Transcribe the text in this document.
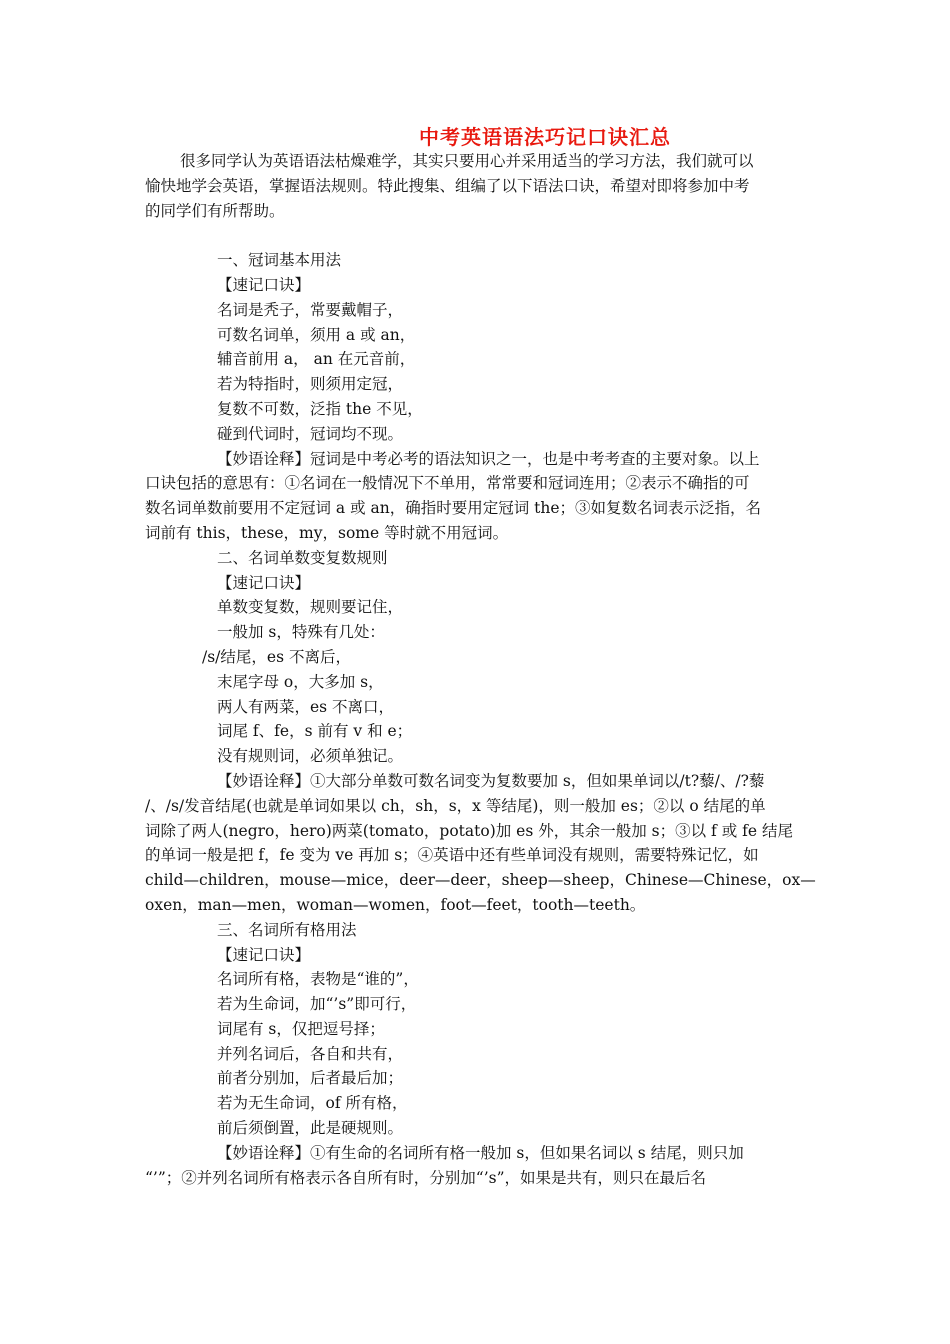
中考英语语法巧记口诀汇总
很多同学认为英语语法枯燥难学，其实只要用心并采用适当的学习方法，我们就可以
愉快地学会英语，掌握语法规则。特此搜集、组编了以下语法口诀，希望对即将参加中考
的同学们有所帮助。
一、冠词基本用法
【速记口诀】
名词是秃子，常要戴帽子，
可数名词单，须用 a 或 an，
辅音前用 a， an 在元音前，
若为特指时，则须用定冠，
复数不可数，泛指 the 不见，
碰到代词时，冠词均不现。
【妙语诠释】冠词是中考必考的语法知识之一，也是中考考查的主要对象。以上
口诀包括的意思有：①名词在一般情况下不单用，常常要和冠词连用；②表示不确指的可
数名词单数前要用不定冠词 a 或 an，确指时要用定冠词 the；③如复数名词表示泛指，名
词前有 this，these，my，some 等时就不用冠词。
二、名词单数变复数规则
【速记口诀】
单数变复数，规则要记住，
一般加 s，特殊有几处：
/s/结尾，es 不离后，
末尾字母 o，大多加 s，
两人有两菜，es 不离口，
词尾 f、fe，s 前有 v 和 e；
没有规则词，必须单独记。
【妙语诠释】①大部分单数可数名词变为复数要加 s，但如果单词以/t?藜/、/?藜
/、/s/发音结尾(也就是单词如果以 ch，sh，s，x 等结尾)，则一般加 es；②以 o 结尾的单
词除了两人(negro，hero)两菜(tomato，potato)加 es 外，其余一般加 s；③以 f 或 fe 结尾
的单词一般是把 f，fe 变为 ve 再加 s；④英语中还有些单词没有规则，需要特殊记忆，如
child—children，mouse—mice，deer—deer，sheep—sheep，Chinese—Chinese，ox—
oxen，man—men，woman—women，foot—feet，tooth—teeth。
三、名词所有格用法
【速记口诀】
名词所有格，表物是“谁的”，
若为生命词，加“’s”即可行，
词尾有 s，仅把逗号择；
并列名词后，各自和共有，
前者分别加，后者最后加；
若为无生命词，of 所有格，
前后须倒置，此是硬规则。
【妙语诠释】①有生命的名词所有格一般加 s，但如果名词以 s 结尾，则只加
“’”；②并列名词所有格表示各自所有时，分别加“’s”，如果是共有，则只在最后名
